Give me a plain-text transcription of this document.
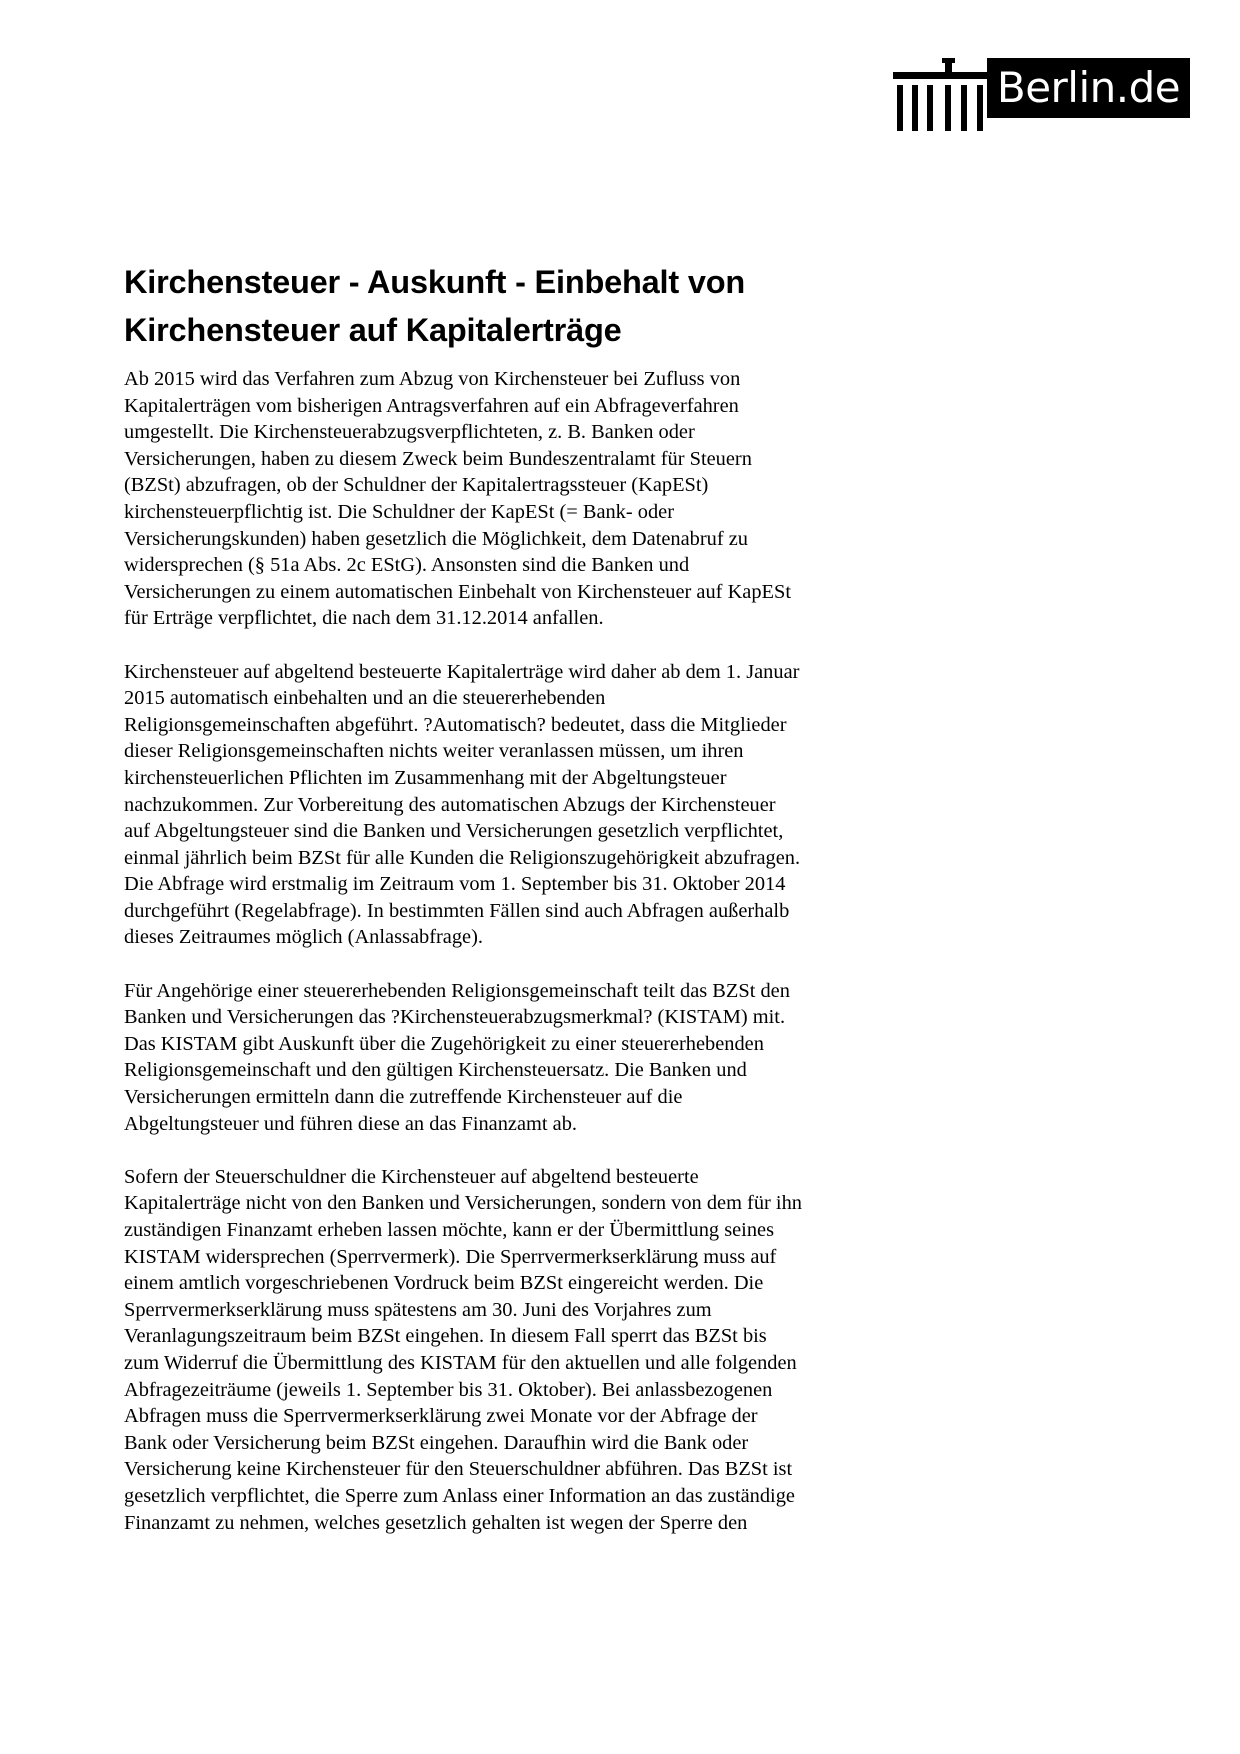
Berlin.de
Kirchensteuer - Auskunft - Einbehalt von
Kirchensteuer auf Kapitalerträge

Ab 2015 wird das Verfahren zum Abzug von Kirchensteuer bei Zufluss von
Kapitalerträgen vom bisherigen Antragsverfahren auf ein Abfrageverfahren
umgestellt. Die Kirchensteuerabzugsverpflichteten, z. B. Banken oder
Versicherungen, haben zu diesem Zweck beim Bundeszentralamt für Steuern
(BZSt) abzufragen, ob der Schuldner der Kapitalertragssteuer (KapESt)
kirchensteuerpflichtig ist. Die Schuldner der KapESt (= Bank- oder
Versicherungskunden) haben gesetzlich die Möglichkeit, dem Datenabruf zu
widersprechen (§ 51a Abs. 2c EStG). Ansonsten sind die Banken und
Versicherungen zu einem automatischen Einbehalt von Kirchensteuer auf KapESt
für Erträge verpflichtet, die nach dem 31.12.2014 anfallen.

Kirchensteuer auf abgeltend besteuerte Kapitalerträge wird daher ab dem 1. Januar
2015 automatisch einbehalten und an die steuererhebenden
Religionsgemeinschaften abgeführt. ?Automatisch? bedeutet, dass die Mitglieder
dieser Religionsgemeinschaften nichts weiter veranlassen müssen, um ihren
kirchensteuerlichen Pflichten im Zusammenhang mit der Abgeltungsteuer
nachzukommen. Zur Vorbereitung des automatischen Abzugs der Kirchensteuer
auf Abgeltungsteuer sind die Banken und Versicherungen gesetzlich verpflichtet,
einmal jährlich beim BZSt für alle Kunden die Religionszugehörigkeit abzufragen.
Die Abfrage wird erstmalig im Zeitraum vom 1. September bis 31. Oktober 2014
durchgeführt (Regelabfrage). In bestimmten Fällen sind auch Abfragen außerhalb
dieses Zeitraumes möglich (Anlassabfrage).

Für Angehörige einer steuererhebenden Religionsgemeinschaft teilt das BZSt den
Banken und Versicherungen das ?Kirchensteuerabzugsmerkmal? (KISTAM) mit.
Das KISTAM gibt Auskunft über die Zugehörigkeit zu einer steuererhebenden
Religionsgemeinschaft und den gültigen Kirchensteuersatz. Die Banken und
Versicherungen ermitteln dann die zutreffende Kirchensteuer auf die
Abgeltungsteuer und führen diese an das Finanzamt ab.

Sofern der Steuerschuldner die Kirchensteuer auf abgeltend besteuerte
Kapitalerträge nicht von den Banken und Versicherungen, sondern von dem für ihn
zuständigen Finanzamt erheben lassen möchte, kann er der Übermittlung seines
KISTAM widersprechen (Sperrvermerk). Die Sperrvermerkserklärung muss auf
einem amtlich vorgeschriebenen Vordruck beim BZSt eingereicht werden. Die
Sperrvermerkserklärung muss spätestens am 30. Juni des Vorjahres zum
Veranlagungszeitraum beim BZSt eingehen. In diesem Fall sperrt das BZSt bis
zum Widerruf die Übermittlung des KISTAM für den aktuellen und alle folgenden
Abfragezeiträume (jeweils 1. September bis 31. Oktober). Bei anlassbezogenen
Abfragen muss die Sperrvermerkserklärung zwei Monate vor der Abfrage der
Bank oder Versicherung beim BZSt eingehen. Daraufhin wird die Bank oder
Versicherung keine Kirchensteuer für den Steuerschuldner abführen. Das BZSt ist
gesetzlich verpflichtet, die Sperre zum Anlass einer Information an das zuständige
Finanzamt zu nehmen, welches gesetzlich gehalten ist wegen der Sperre den
